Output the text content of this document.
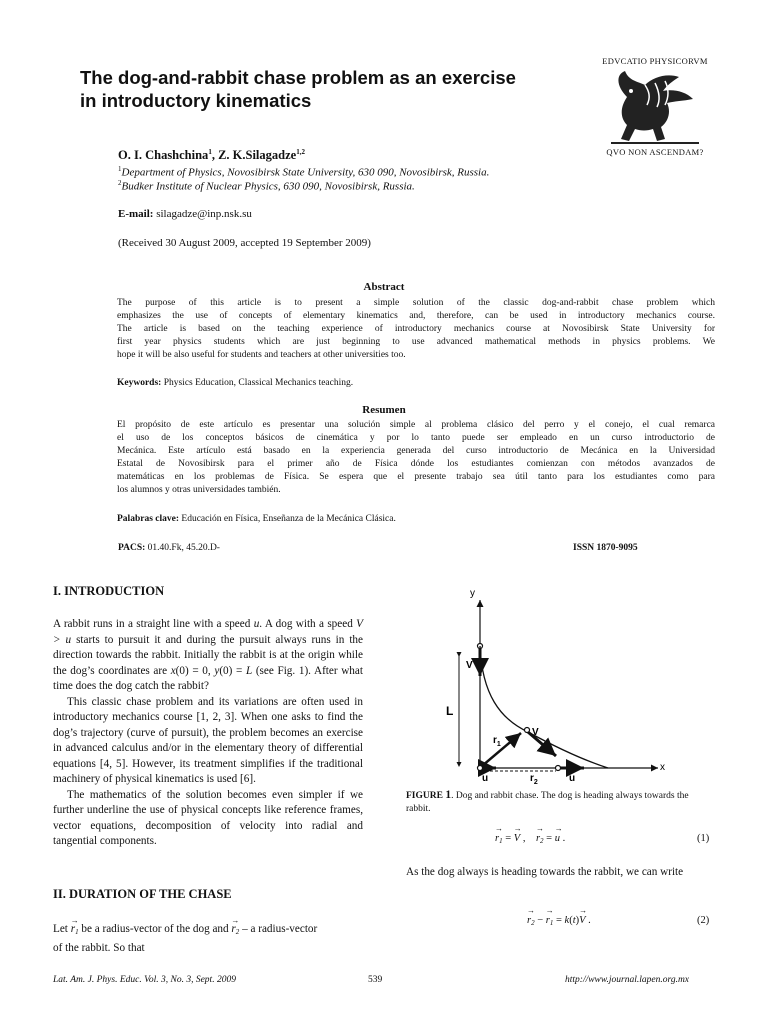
The dog-and-rabbit chase problem as an exercise
in introductory kinematics
EDVCATIO PHYSICORVM
QVO NON ASCENDAM?
O. I. Chashchina$^1$, Z. K.Silagadze$^{1,2}$
$^1$Department of Physics, Novosibirsk State University, 630 090, Novosibirsk, Russia.
$^2$Budker Institute of Nuclear Physics, 630 090, Novosibirsk, Russia.
E-mail: silagadze@inp.nsk.su
(Received 30 August 2009, accepted 19 September 2009)
Abstract
The purpose of this article is to present a simple solution of the classic dog-and-rabbit chase problem which
emphasizes the use of concepts of elementary kinematics and, therefore, can be used in introductory mechanics course.
The article is based on the teaching experience of introductory mechanics course at Novosibirsk State University for
first year physics students which are just beginning to use advanced mathematical methods in physics problems. We
hope it will be also useful for students and teachers at other universities too.
Keywords: Physics Education, Classical Mechanics teaching.
Resumen
El propósito de este artículo es presentar una solución simple al problema clásico del perro y el conejo, el cual remarca
el uso de los conceptos básicos de cinemática y por lo tanto puede ser empleado en un curso introductorio de
Mecánica. Este artículo está basado en la experiencia generada del curso introductorio de Mecánica en la Universidad
Estatal de Novosibirsk para el primer año de Física dónde los estudiantes comienzan con métodos avanzados de
matemáticas en los problemas de Física. Se espera que el presente trabajo sea útil tanto para los estudiantes como para
los alumnos y otras universidades también.
Palabras clave: Educación en Física, Enseñanza de la Mecánica Clásica.
PACS: 01.40.Fk, 45.20.D-	ISSN 1870-9095
I. INTRODUCTION

A rabbit runs in a straight line with a speed u. A dog with a speed V > u starts to pursuit it and during the pursuit always runs in the direction towards the rabbit. Initially the rabbit is at the origin while the dog’s coordinates are x(0) = 0, y(0) = L (see Fig. 1). After what time does the dog catch the rabbit?

This classic chase problem and its variations are often used in introductory mechanics course [1, 2, 3]. When one asks to find the dog’s trajectory (curve of pursuit), the problem becomes an exercise in advanced calculus and/or in the elementary theory of differential equations [4, 5]. However, its treatment simplifies if the traditional machinery of physical kinematics is used [6].

The mathematics of the solution becomes even simpler if we further underline the use of physical concepts like reference frames, vector equations, decomposition of velocity into radial and tangential components.

II. DURATION OF THE CHASE
Let → $r_1$ be a radius-vector of the dog and → $r_2$ – a radius-vector
of the rabbit. So that
y
x
V
L
V
$r_1$
$r_2$
u	u
FIGURE 1. Dog and rabbit chase. The dog is heading always towards the rabbit.
→ $r_1$ = → V ,    → $r_2$ = → u .	(1)
As the dog always is heading towards the rabbit, we can write
→ $r_2$ − → $r_1 = k(t)\to V$ .	(2)
Lat. Am. J. Phys. Educ. Vol. 3, No. 3, Sept. 2009	539	http://www.journal.lapen.org.mx
